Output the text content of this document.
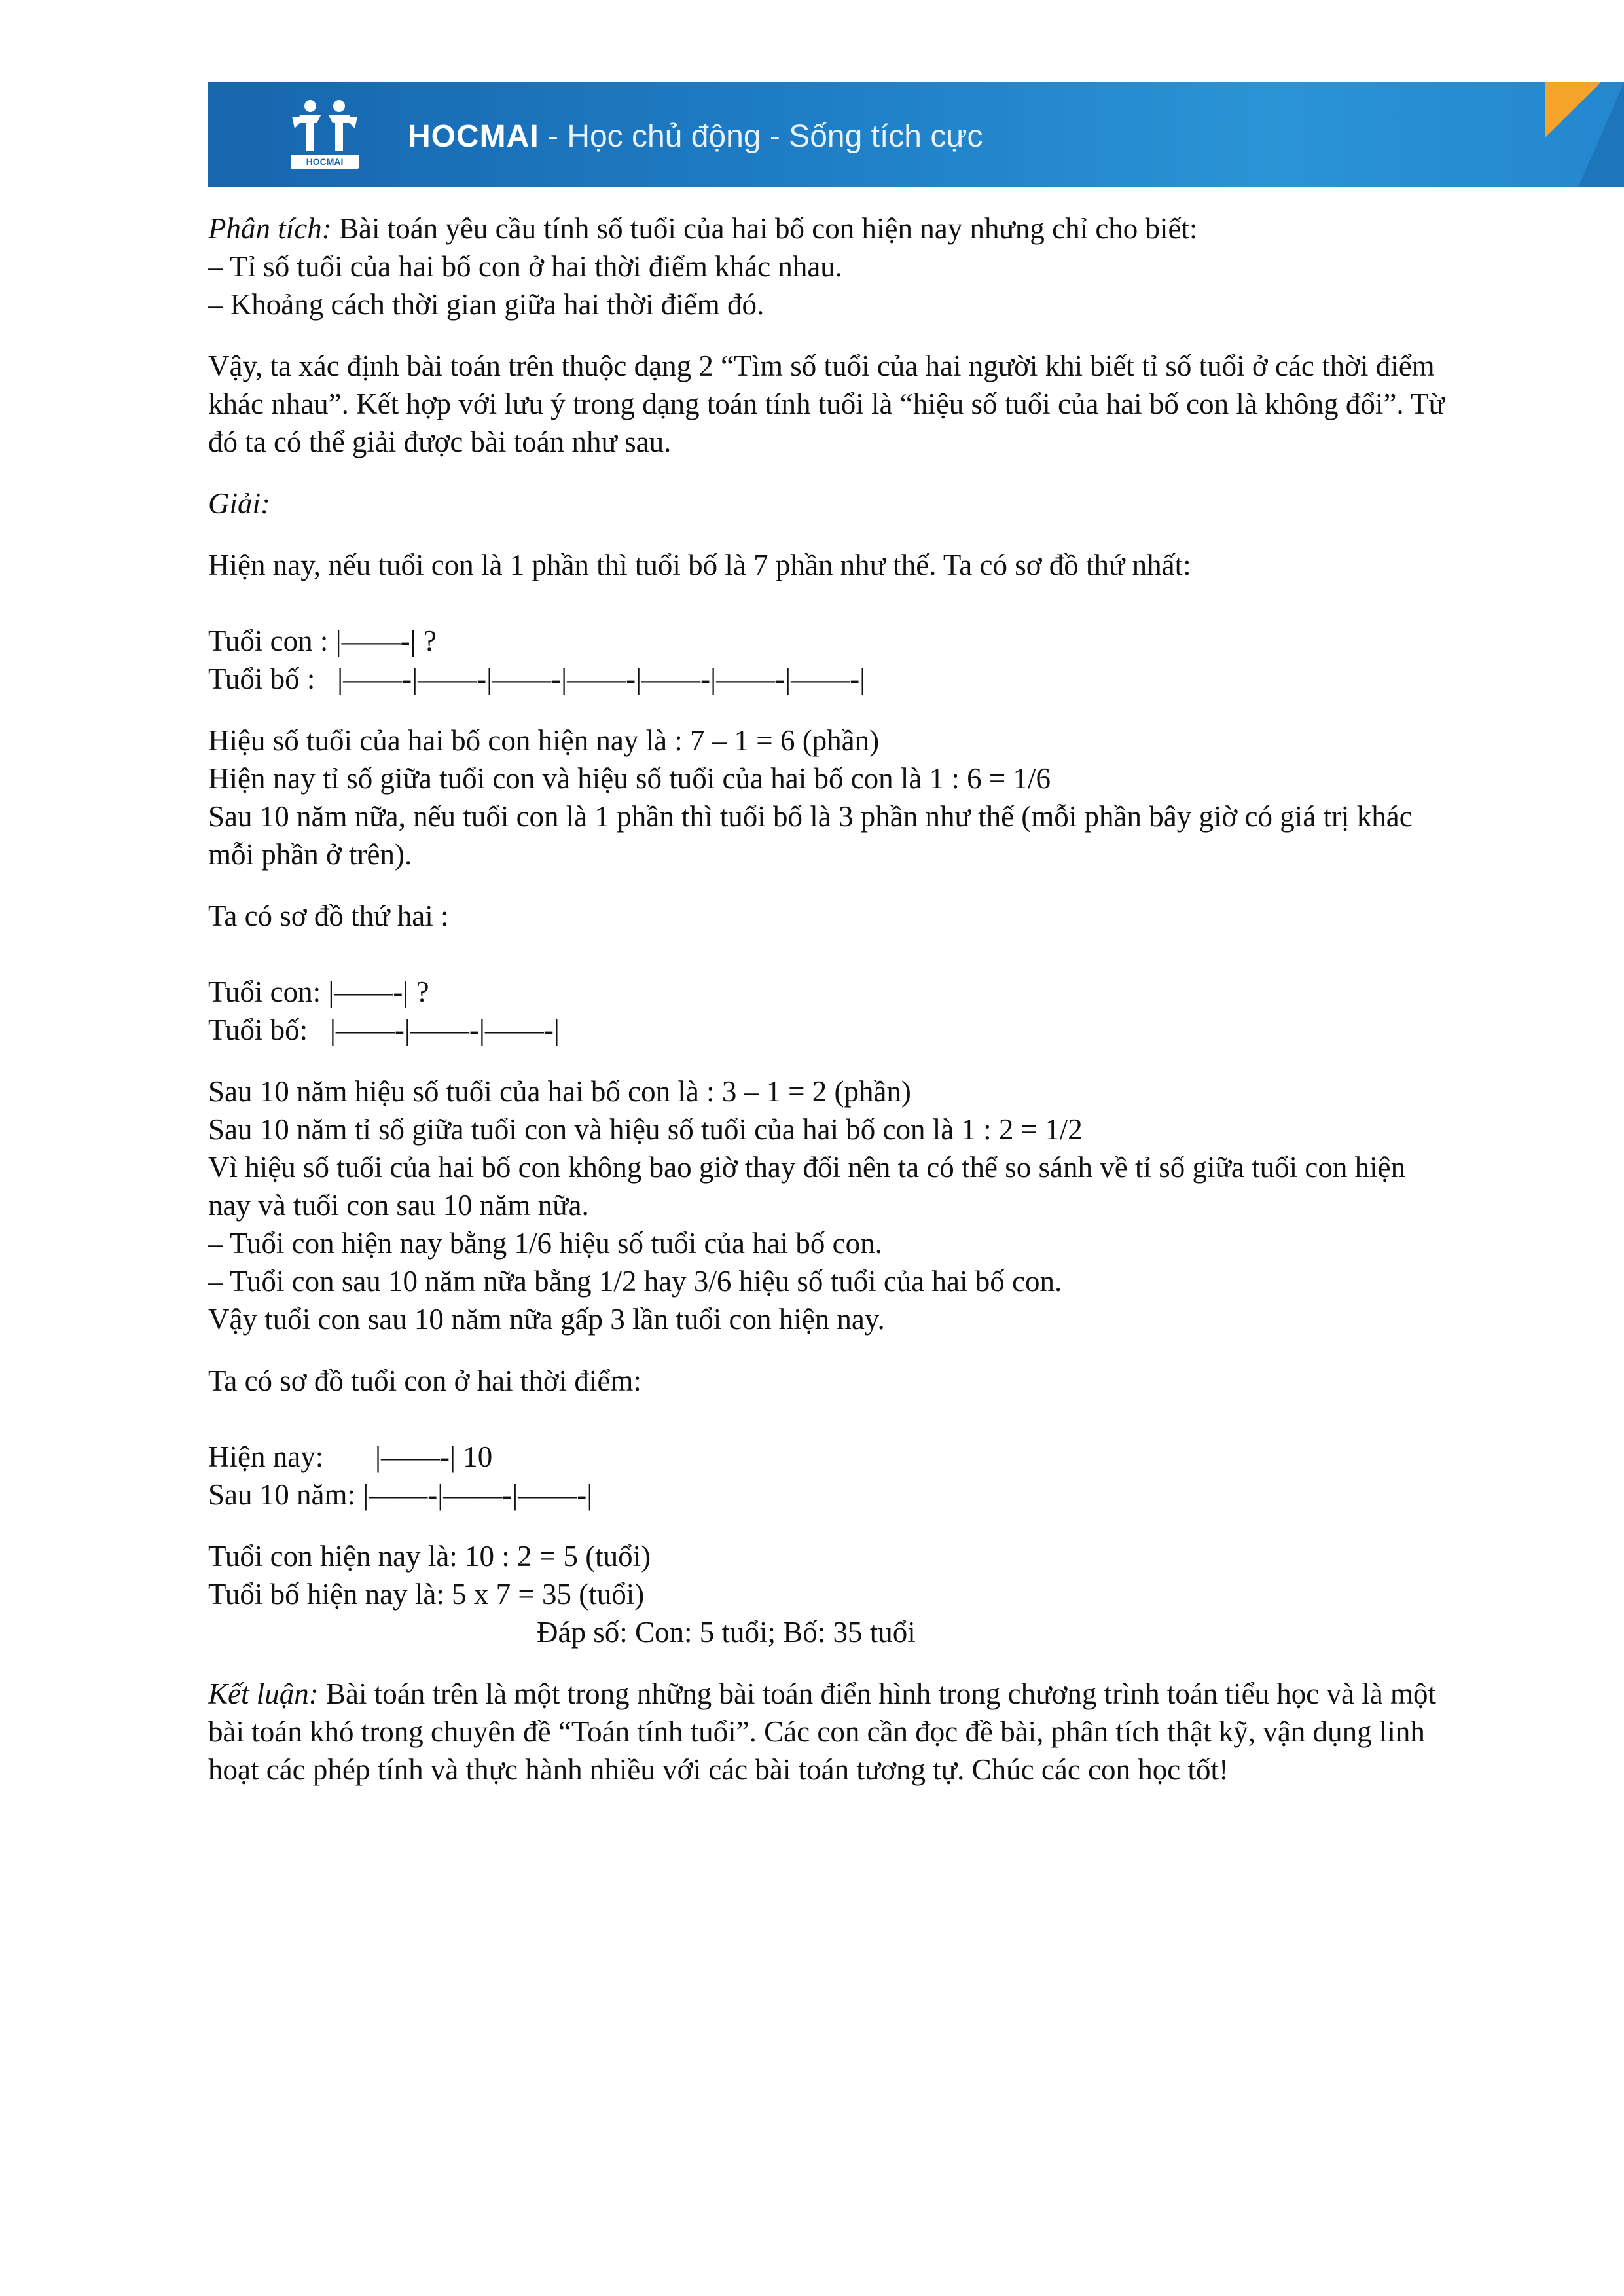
HOCMAI
HOCMAI - Học chủ động - Sống tích cực

Phân tích: Bài toán yêu cầu tính số tuổi của hai bố con hiện nay nhưng chỉ cho biết:

– Tỉ số tuổi của hai bố con ở hai thời điểm khác nhau.

– Khoảng cách thời gian giữa hai thời điểm đó.

Vậy, ta xác định bài toán trên thuộc dạng 2 “Tìm số tuổi của hai người khi biết tỉ số tuổi ở các thời điểm khác nhau”. Kết hợp với lưu ý trong dạng toán tính tuổi là “hiệu số tuổi của hai bố con là không đổi”. Từ đó ta có thể giải được bài toán như sau.

Giải:

Hiện nay, nếu tuổi con là 1 phần thì tuổi bố là 7 phần như thế. Ta có sơ đồ thứ nhất:

Tuổi con : |——-| ?

Tuổi bố :   |——-|——-|——-|——-|——-|——-|——-|

Hiệu số tuổi của hai bố con hiện nay là : 7 – 1 = 6 (phần)

Hiện nay tỉ số giữa tuổi con và hiệu số tuổi của hai bố con là 1 : 6 = 1/6

Sau 10 năm nữa, nếu tuổi con là 1 phần thì tuổi bố là 3 phần như thế (mỗi phần bây giờ có giá trị khác mỗi phần ở trên).

Ta có sơ đồ thứ hai :

Tuổi con: |——-| ?

Tuổi bố:   |——-|——-|——-|

Sau 10 năm hiệu số tuổi của hai bố con là : 3 – 1 = 2 (phần)

Sau 10 năm tỉ số giữa tuổi con và hiệu số tuổi của hai bố con là 1 : 2 = 1/2

Vì hiệu số tuổi của hai bố con không bao giờ thay đổi nên ta có thể so sánh về tỉ số giữa tuổi con hiện nay và tuổi con sau 10 năm nữa.

– Tuổi con hiện nay bằng 1/6 hiệu số tuổi của hai bố con.

– Tuổi con sau 10 năm nữa bằng 1/2 hay 3/6 hiệu số tuổi của hai bố con.

Vậy tuổi con sau 10 năm nữa gấp 3 lần tuổi con hiện nay.

Ta có sơ đồ tuổi con ở hai thời điểm:

Hiện nay:       |——-| 10

Sau 10 năm: |——-|——-|——-|

Tuổi con hiện nay là: 10 : 2 = 5 (tuổi)

Tuổi bố hiện nay là: 5 x 7 = 35 (tuổi)

Đáp số: Con: 5 tuổi; Bố: 35 tuổi

Kết luận: Bài toán trên là một trong những bài toán điển hình trong chương trình toán tiểu học và là một bài toán khó trong chuyên đề “Toán tính tuổi”. Các con cần đọc đề bài, phân tích thật kỹ, vận dụng linh hoạt các phép tính và thực hành nhiều với các bài toán tương tự. Chúc các con học tốt!
